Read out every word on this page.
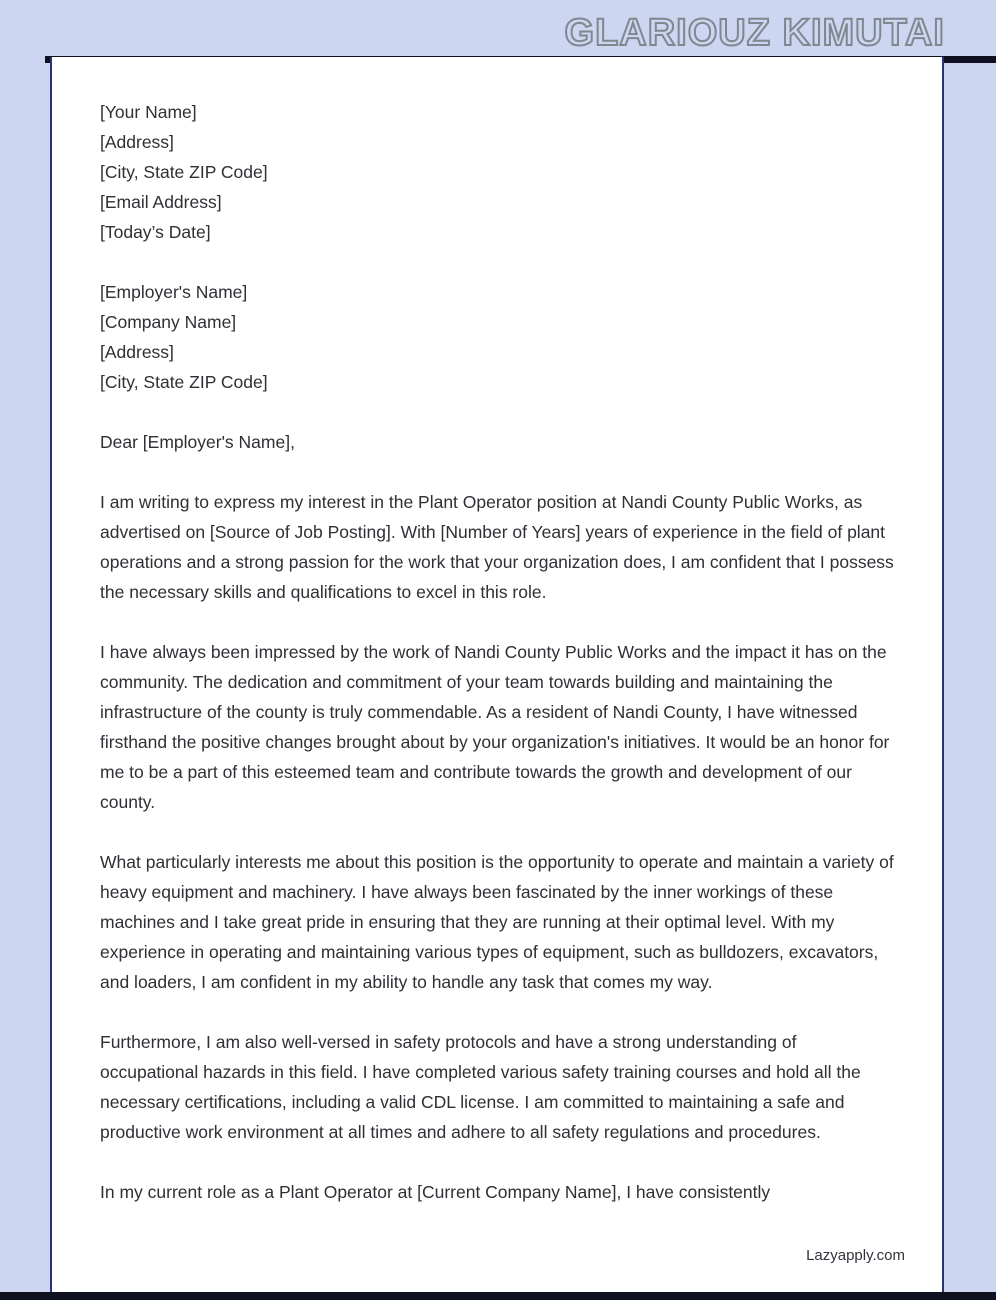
GLARIOUZ KIMUTAI
[Your Name]
[Address]
[City, State ZIP Code]
[Email Address]
[Today’s Date]
[Employer's Name]
[Company Name]
[Address]
[City, State ZIP Code]
Dear [Employer's Name],

I am writing to express my interest in the Plant Operator position at Nandi County Public Works, as advertised on [Source of Job Posting]. With [Number of Years] years of experience in the field of plant operations and a strong passion for the work that your organization does, I am confident that I possess the necessary skills and qualifications to excel in this role.

I have always been impressed by the work of Nandi County Public Works and the impact it has on the community. The dedication and commitment of your team towards building and maintaining the infrastructure of the county is truly commendable. As a resident of Nandi County, I have witnessed firsthand the positive changes brought about by your organization's initiatives. It would be an honor for me to be a part of this esteemed team and contribute towards the growth and development of our county.

What particularly interests me about this position is the opportunity to operate and maintain a variety of heavy equipment and machinery. I have always been fascinated by the inner workings of these machines and I take great pride in ensuring that they are running at their optimal level. With my experience in operating and maintaining various types of equipment, such as bulldozers, excavators, and loaders, I am confident in my ability to handle any task that comes my way.

Furthermore, I am also well-versed in safety protocols and have a strong understanding of occupational hazards in this field. I have completed various safety training courses and hold all the necessary certifications, including a valid CDL license. I am committed to maintaining a safe and productive work environment at all times and adhere to all safety regulations and procedures.

In my current role as a Plant Operator at [Current Company Name], I have consistently

Lazyapply.com
